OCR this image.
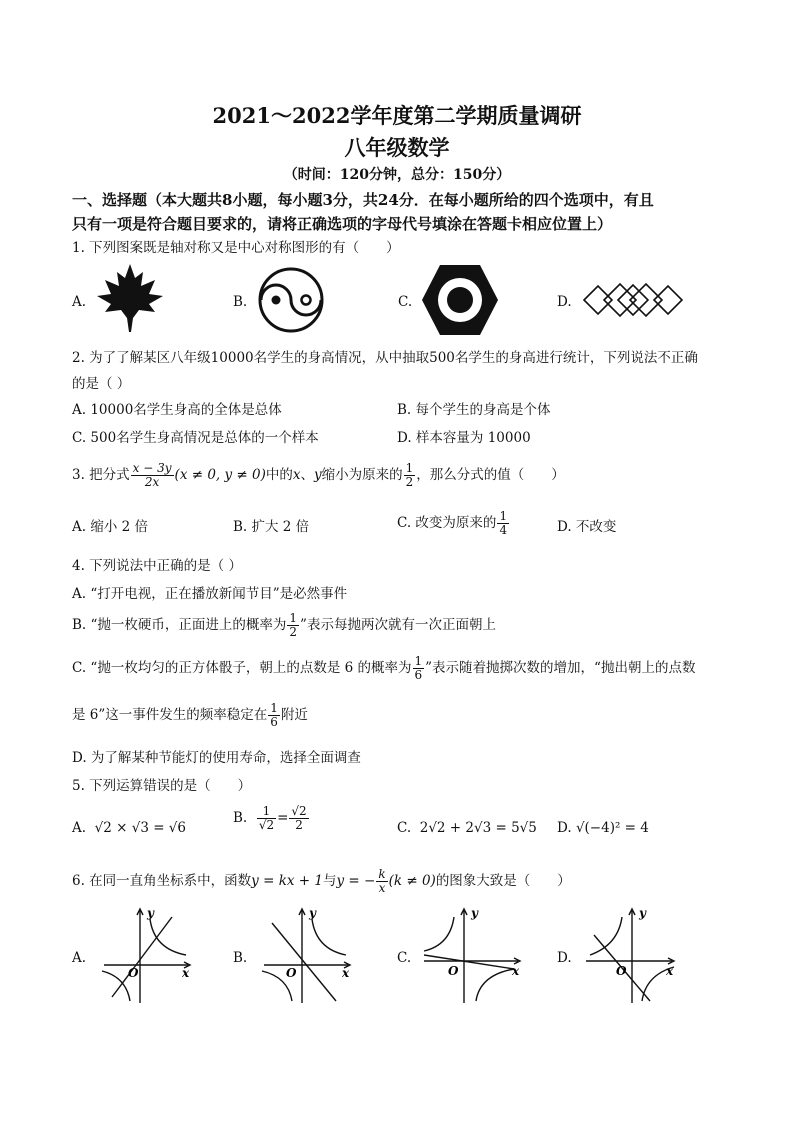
2021～2022学年度第二学期质量调研
八年级数学
（时间：120分钟，总分：150分）
一、选择题（本大题共8小题，每小题3分，共24分．在每小题所给的四个选项中，有且
只有一项是符合题目要求的，请将正确选项的字母代号填涂在答题卡相应位置上）
1. 下列图案既是轴对称又是中心对称图形的有（　　）
A.	B.	C.	D.
2. 为了了解某区八年级10000名学生的身高情况，从中抽取500名学生的身高进行统计，下列说法不正确
的是（ ）
A. 10000名学生身高的全体是总体	B. 每个学生的身高是个体
C. 500名学生身高情况是总体的一个样本	D. 样本容量为 10000
3. 把分式 $\frac{x - 3y}{2x} (x \ne 0$, y ≠ 0)中的x、y缩小为原来的 $\frac{1}{2}$ ，那么分式的值（　　）
A. 缩小 2 倍	B. 扩大 2 倍	C. 改变为原来的 $\frac{1}{4}$	D. 不改变
4. 下列说法中正确的是（ ）
A. “打开电视，正在播放新闻节目”是必然事件
B. “抛一枚硬币，正面进上的概率为 $\frac{1}{2}$ ”表示每抛两次就有一次正面朝上
C. “抛一枚均匀的正方体骰子，朝上的点数是 6 的概率为 $\frac{1}{6}$ ”表示随着抛掷次数的增加，“抛出朝上的点数
是 6”这一事件发生的频率稳定在 $\frac{1}{6}$ 附近
D. 为了解某种节能灯的使用寿命，选择全面调查
5. 下列运算错误的是（　　）
A. √2 × √3 = √6
B. $\frac{1}{√2} = \frac{√2}{2}$	C. 2√2 + 2√3 = 5√5 D. √(−4)² = 4
6. 在同一直角坐标系中，函数y = kx + 1与y = − $\frac{k}{x} (k \ne 0)$的图象大致是（　　）
A.
y
x
O
B.
y
x
O
C.
y
x
O
D.
y
x
O
